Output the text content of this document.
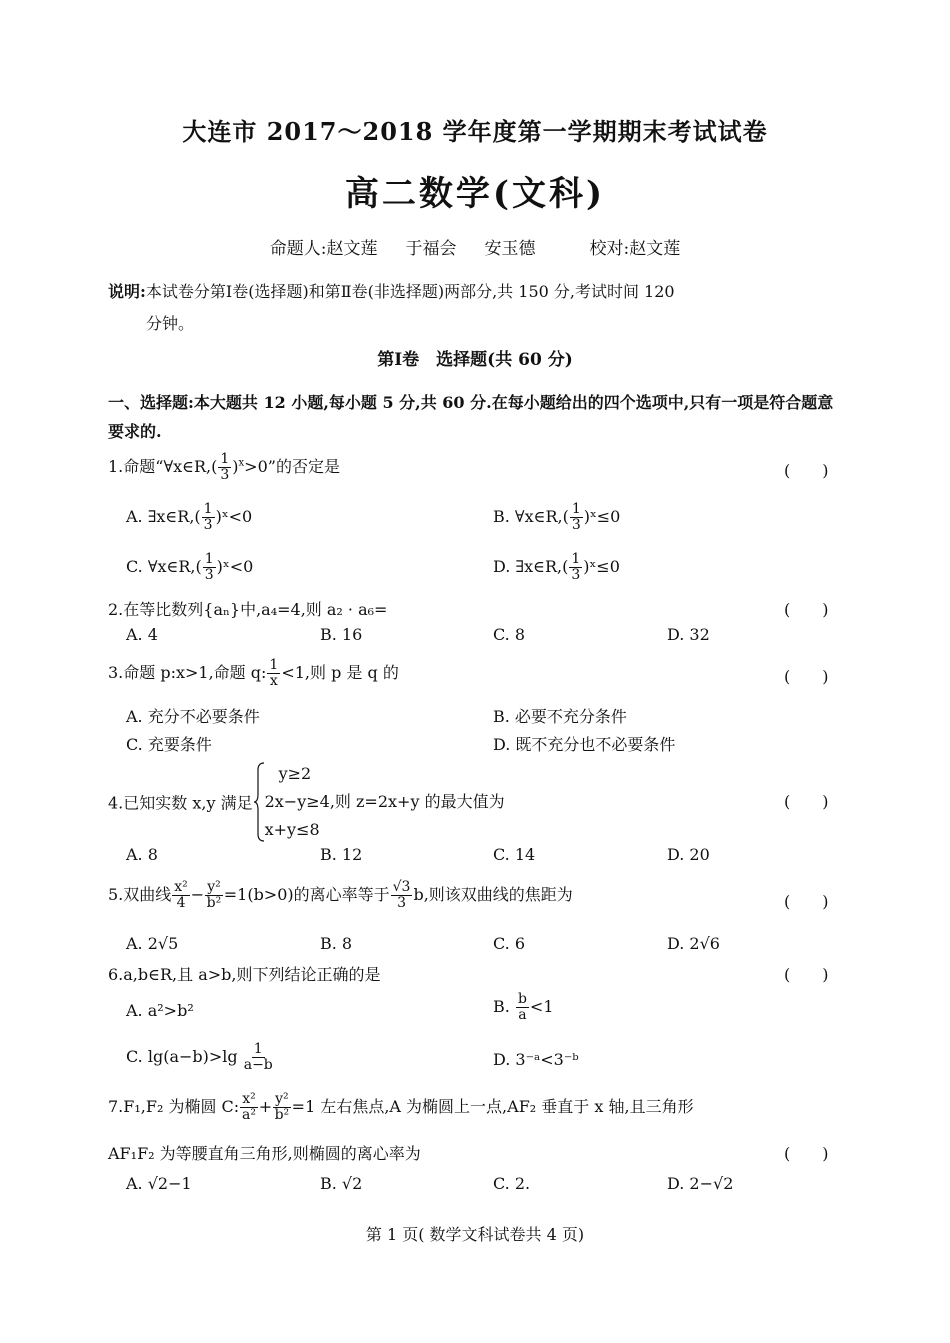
大连市 2017～2018 学年度第一学期期末考试试卷
高二数学(文科)
命题人:赵文莲 于福会 安玉德	校对:赵文莲
说明:本试卷分第Ⅰ卷(选择题)和第Ⅱ卷(非选择题)两部分,共 150 分,考试时间 120
分钟。
第Ⅰ卷　选择题(共 60 分)
一、选择题:本大题共 12 小题,每小题 5 分,共 60 分.在每小题给出的四个选项中,只有一项是符合题意要求的.
1.命题“∀x∈R,( $\frac{1}{3} )^x>0$”的否定是	(　　)
A. ∃x∈R,( $\frac{1}{3}$ )ˣ<0	B. ∀x∈R,( $\frac{1}{3}$ )ˣ≤0
C. ∀x∈R,( $\frac{1}{3}$ )ˣ<0	D. ∃x∈R,( $\frac{1}{3}$ )ˣ≤0
2.在等比数列{aₙ}中,a₄=4,则 a₂ · a₆=	(　　)
A. 4	B. 16	C. 8	D. 32
3.命题 p:x>1,命题 q: $\frac{1}{x} <1$,则 p 是 q 的	(　　)
A. 充分不必要条件	B. 必要不充分条件
C. 充要条件	D. 既不充分也不必要条件
4.已知实数 x,y 满足
y≥2
2x−y≥4,则 z=2x+y 的最大值为
x+y≤8
(　　)
A. 8	B. 12	C. 14	D. 20
5.双曲线 $\frac{\text{x²}}{4} - \frac{\text{y²}}{\text{b²}} =1(b>0)$的离心率等于 $\frac{√3}{3} b$,则该双曲线的焦距为	(　　)
A. 2√5	B. 8	C. 6	D. 2√6
6.a,b∈R,且 a>b,则下列结论正确的是	(　　)
A. a²>b²	B. $\frac{b}{a} <1$
C. $\lg(a-b)>\lg \frac{1}{a-b}$	D. 3⁻ᵃ<3⁻ᵇ
7.F₁,F₂ 为椭圆 C: $\frac{\text{x²}}{\text{a²}} + \frac{\text{y²}}{\text{b²}} =1$ 左右焦点,A 为椭圆上一点,AF₂ 垂直于 x 轴,且三角形
AF₁F₂ 为等腰直角三角形,则椭圆的离心率为	(　　)
A. √2−1	B. √2	C. 2.	D. 2−√2
第 1 页( 数学文科试卷共 4 页)
